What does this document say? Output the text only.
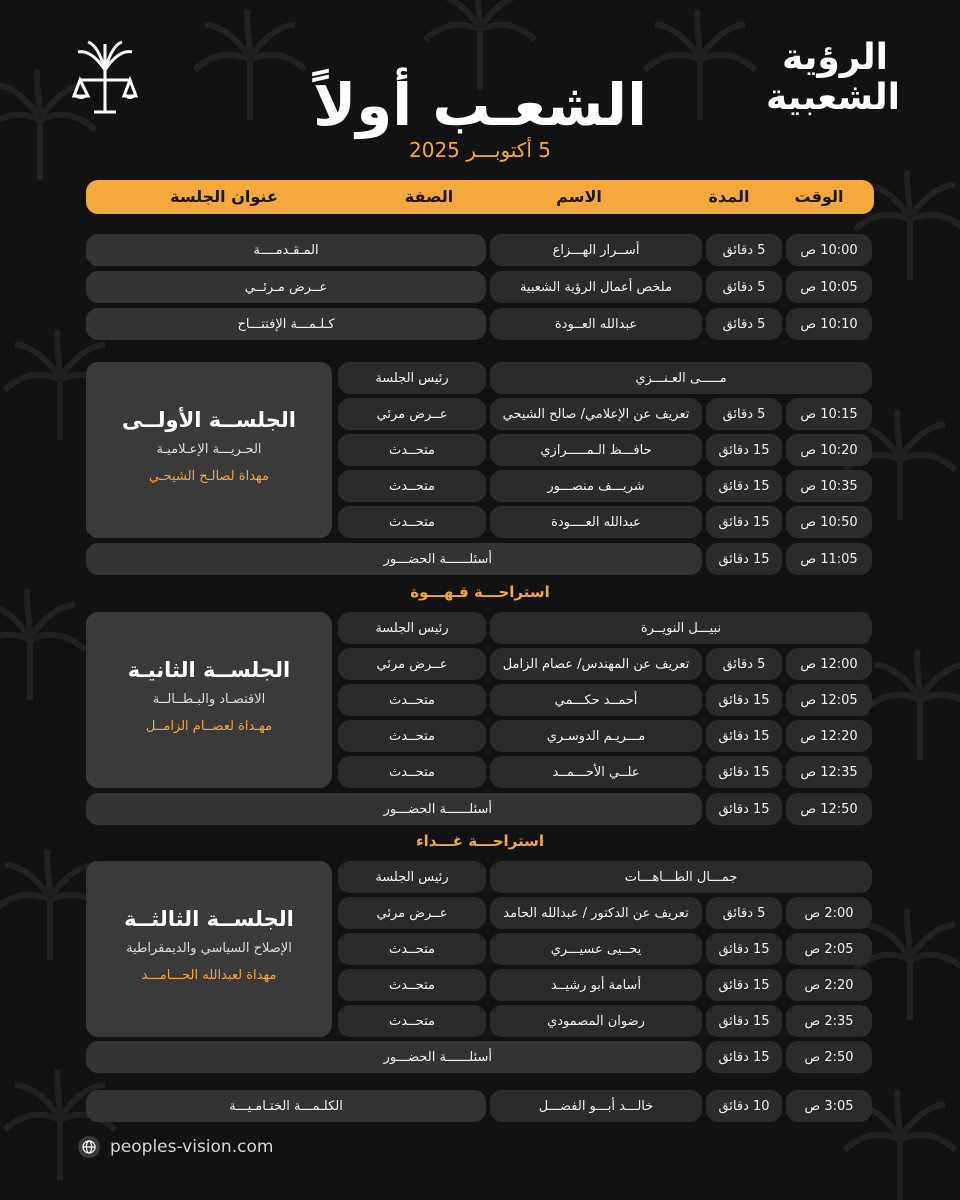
الرؤية
الشعبية
الشعـب أولاً
5 أكتوبـــر 2025
الوقت
المدة
الاسم
الصفة
عنوان الجلسة
10:00 ص
5 دقائق
أســرار الهـــزاع
المـقـدمــــة
10:05 ص
5 دقائق
ملخص أعمال الرؤية الشعبية
عــرض مـرئــي
10:10 ص
5 دقائق
عبدالله العــودة
كـلـمـــة الإفتتـــاح
الجلســة الأولــى
الحـريـــة الإعـلاميـة
مهداة لصالـح الشيحـي
مـــــى العـنـــزي
رئيس الجلسة
10:15 ص
5 دقائق
تعريف عن الإعلامي/ صالح الشيحي
عــرض مرئي
10:20 ص
15 دقائق
حافـــظ الـمـــــرازي
متحــدث
10:35 ص
15 دقائق
شريـــف منصـــور
متحــدث
10:50 ص
15 دقائق
عبدالله العــــودة
متحــدث
11:05 ص
15 دقائق
أسئلــــــة الحضـــور
استراحـــة قـهـــوة
الجلســة الثانيـة
الاقتصـاد والبـطــالــة
مهـداة لعصــام الزامــل
نبيـــل النويــرة
رئيس الجلسة
12:00 ص
5 دقائق
تعريف عن المهندس/ عصام الزامل
عــرض مرئي
12:05 ص
15 دقائق
أحمــد حكـــمي
متحــدث
12:20 ص
15 دقائق
مـــريـم الدوسـري
متحــدث
12:35 ص
15 دقائق
علــي الأحـــمــد
متحــدث
12:50 ص
15 دقائق
أسئلــــــة الحضـــور
استراحـــة غـــداء
الجلســة الثالثــة
الإصلاح السياسي والديمقراطية
مهداة لعبدالله الحـــامـــد
جمـــال الطـــاهـــات
رئيس الجلسة
2:00 ص
5 دقائق
تعريف عن الدكتور / عبدالله الحامد
عــرض مرئي
2:05 ص
15 دقائق
يحــيى عسيـــري
متحــدث
2:20 ص
15 دقائق
أسامة أبو رشيــد
متحــدث
2:35 ص
15 دقائق
رضوان المصمودي
متحــدث
2:50 ص
15 دقائق
أسئلــــــة الحضـــور
3:05 ص
10 دقائق
خالـــد أبـــو الفضـــل
الكلـمـــة الختـامـيـــة
peoples-vision.com
